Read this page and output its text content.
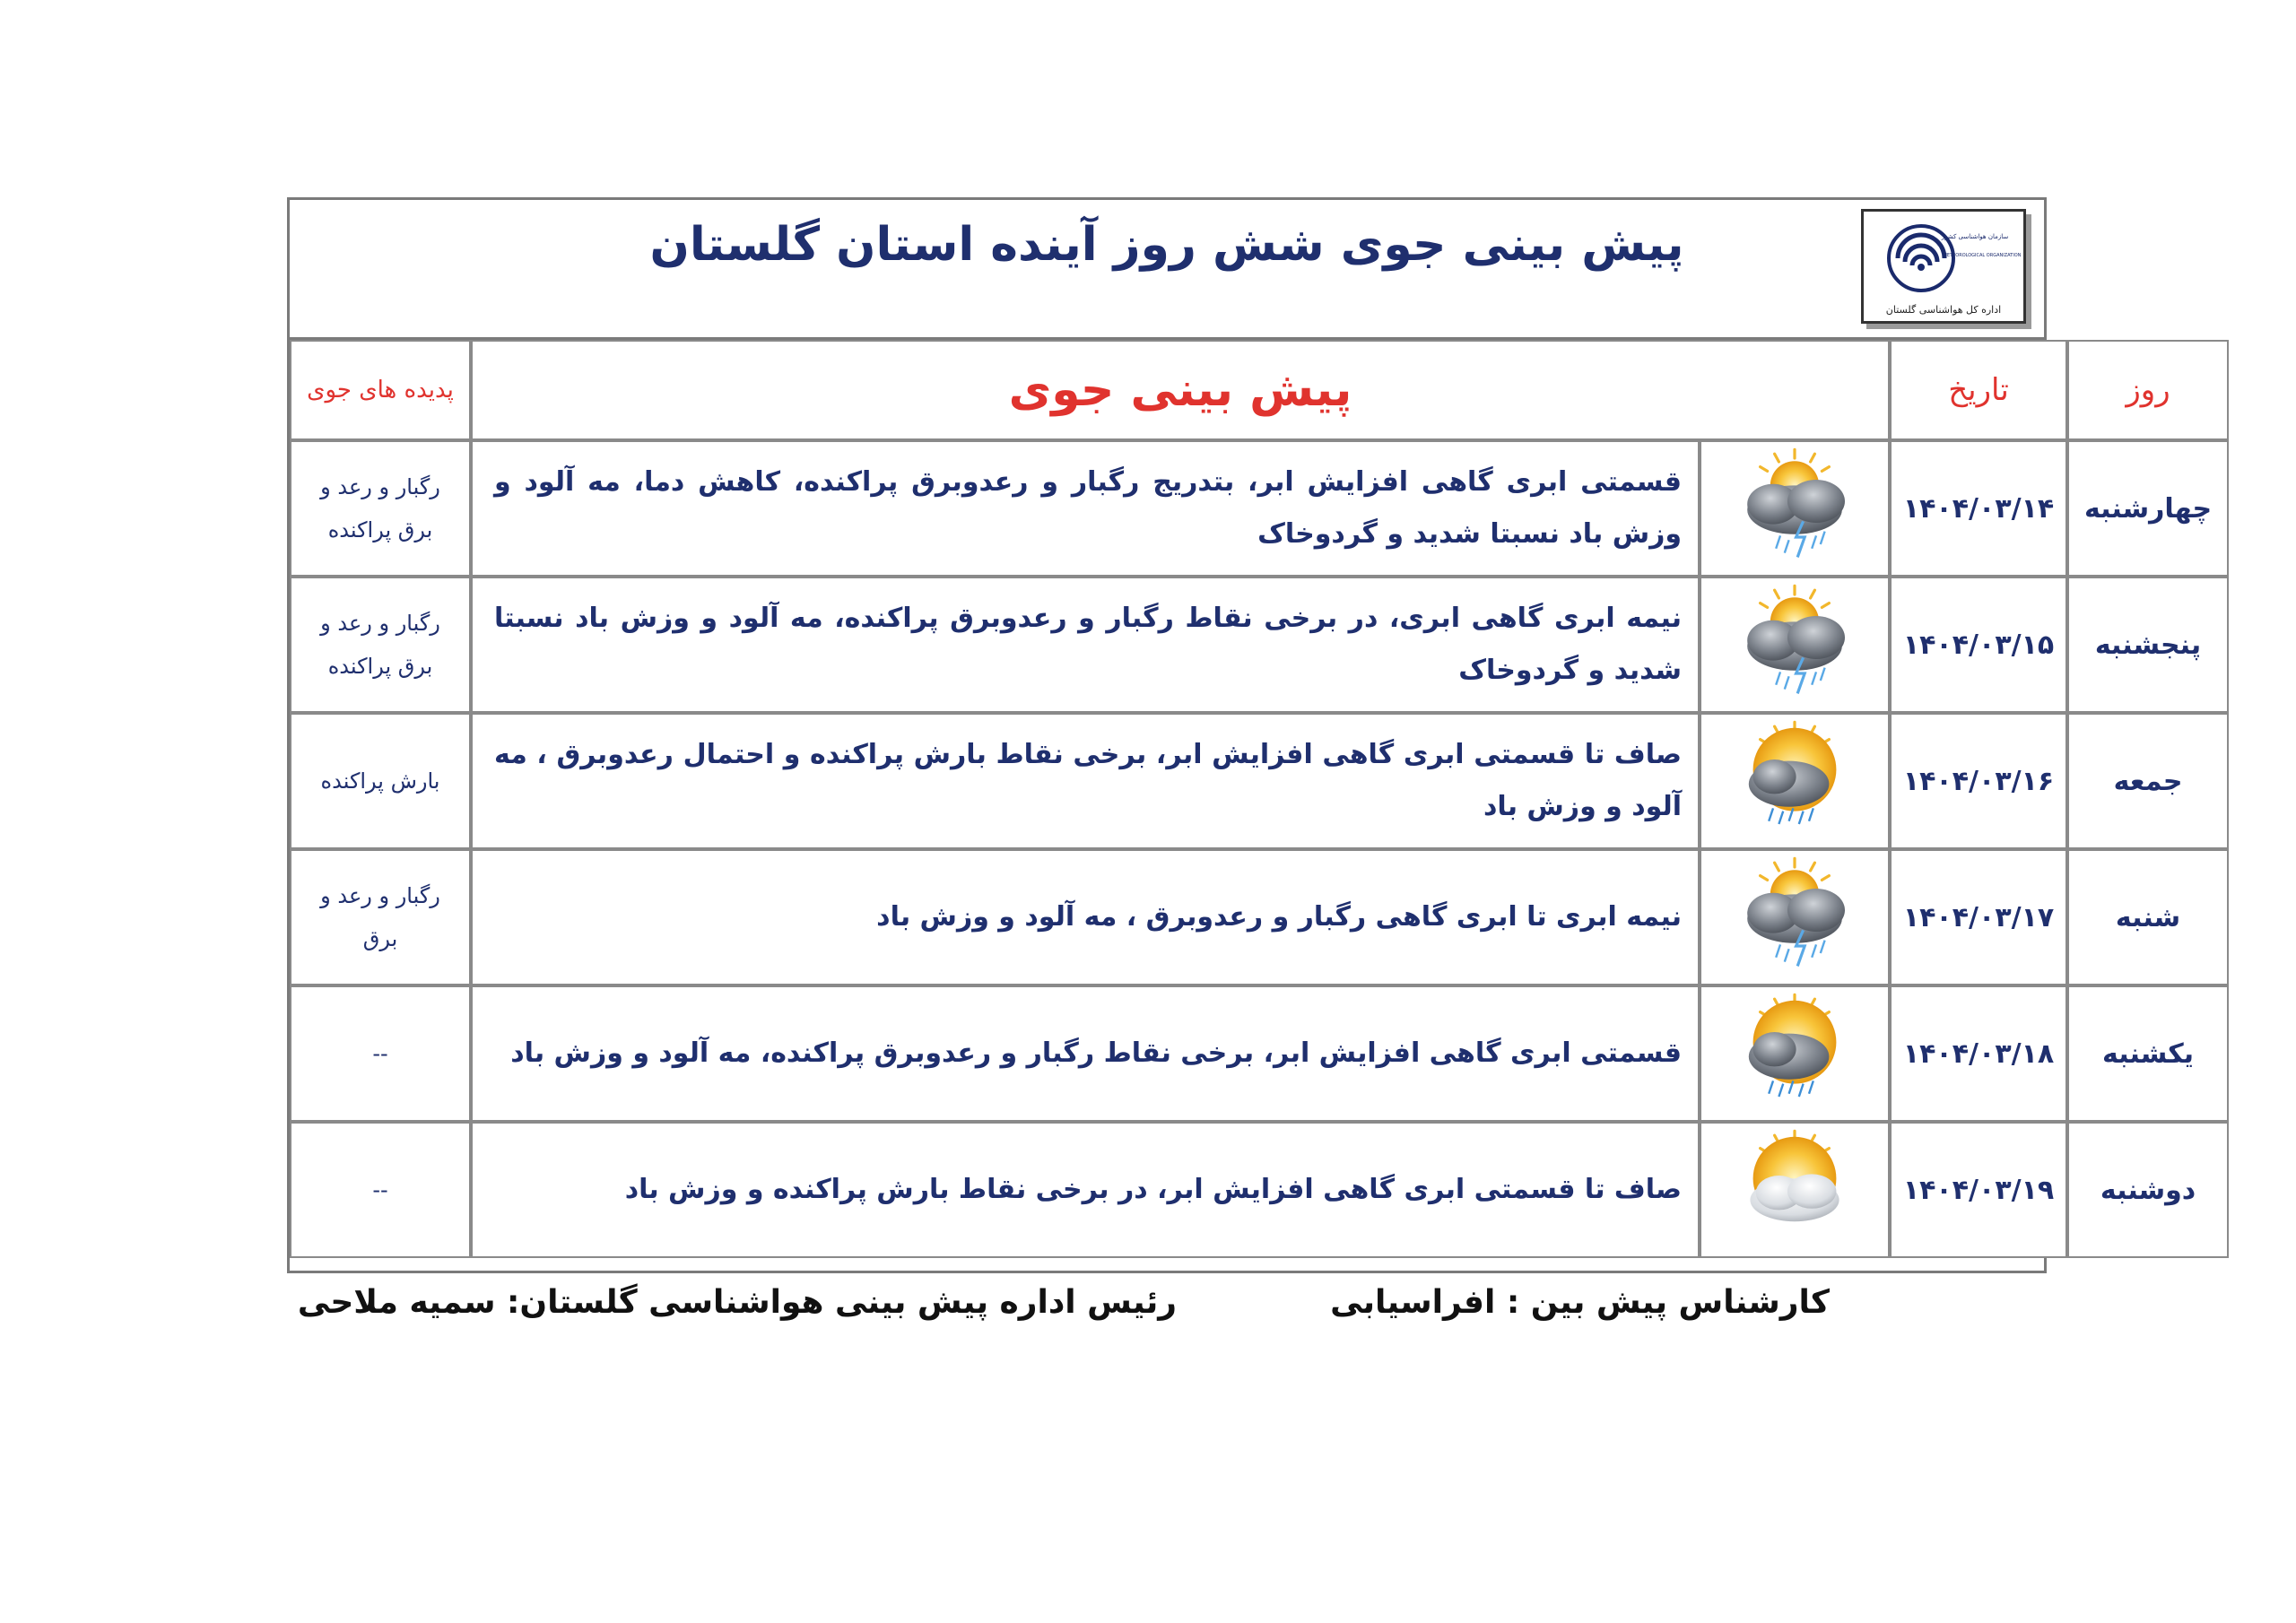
پیش بینی جوی شش روز آینده استان گلستان	سازمان هواشناسی کشور
METEOROLOGICAL ORGANIZATION
اداره کل هواشناسی گلستان
روز	تاریخ	پیش بینی جوی		پدیده های جوی
چهارشنبه	۱۴۰۴/۰۳/۱۴		قسمتی ابری گاهی افزایش ابر، بتدریج رگبار و رعدوبرق پراکنده، کاهش دما، مه آلود و وزش باد نسبتا شدید و گردوخاک	رگبار و رعد و برق پراکنده
پنجشنبه	۱۴۰۴/۰۳/۱۵		نیمه ابری گاهی ابری، در برخی نقاط رگبار و رعدوبرق پراکنده، مه آلود و وزش باد نسبتا شدید و گردوخاک	رگبار و رعد و برق پراکنده
جمعه	۱۴۰۴/۰۳/۱۶		صاف تا قسمتی ابری گاهی افزایش ابر، برخی نقاط بارش پراکنده و احتمال رعدوبرق ، مه آلود و وزش باد	بارش پراکنده
شنبه	۱۴۰۴/۰۳/۱۷		نیمه ابری تا ابری گاهی رگبار و رعدوبرق ، مه آلود و وزش باد	رگبار و رعد و برق
یکشنبه	۱۴۰۴/۰۳/۱۸		قسمتی ابری گاهی افزایش ابر، برخی نقاط رگبار و رعدوبرق پراکنده، مه آلود و وزش باد	--
دوشنبه	۱۴۰۴/۰۳/۱۹		صاف تا قسمتی ابری گاهی افزایش ابر، در برخی نقاط بارش پراکنده و وزش باد	--
کارشناس پیش بین : افراسیابی
رئیس اداره پیش بینی هواشناسی گلستان: سمیه ملاحی
